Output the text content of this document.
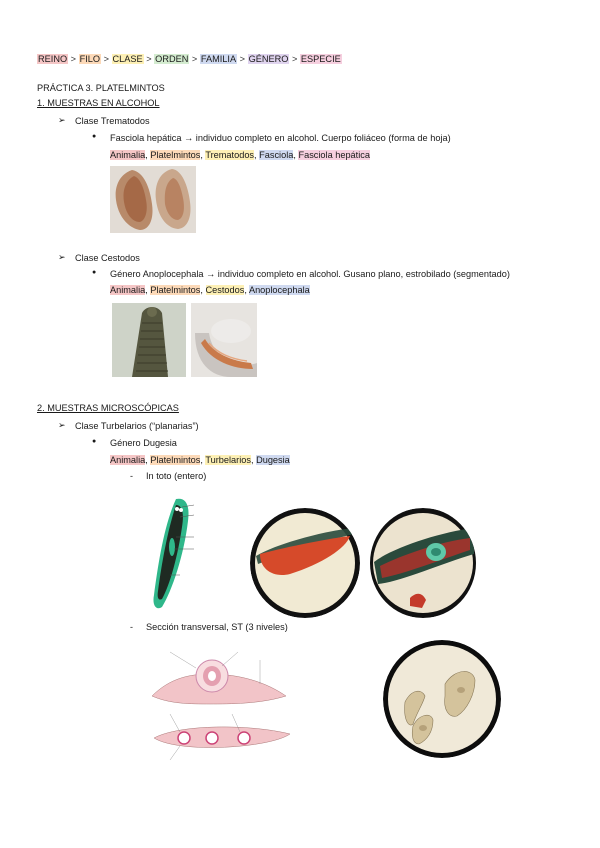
REINO > FILO > CLASE > ORDEN > FAMILIA > GÉNERO > ESPECIE
PRÁCTICA 3. PLATELMINTOS
1. MUESTRAS EN ALCOHOL
➢ Clase Trematodos
● Fasciola hepática → individuo completo en alcohol. Cuerpo foliáceo (forma de hoja)
Animalia, Platelmintos, Trematodos, Fasciola, Fasciola hepática
➢ Clase Cestodos
● Género Anoplocephala → individuo completo en alcohol. Gusano plano, estrobilado (segmentado)
Animalia, Platelmintos, Cestodos, Anoplocephala
2. MUESTRAS MICROSCÓPICAS
➢ Clase Turbelarios (“planarias”)
● Género Dugesia
Animalia, Platelmintos, Turbelarios, Dugesia
- In toto (entero)
- Sección transversal, ST (3 niveles)
